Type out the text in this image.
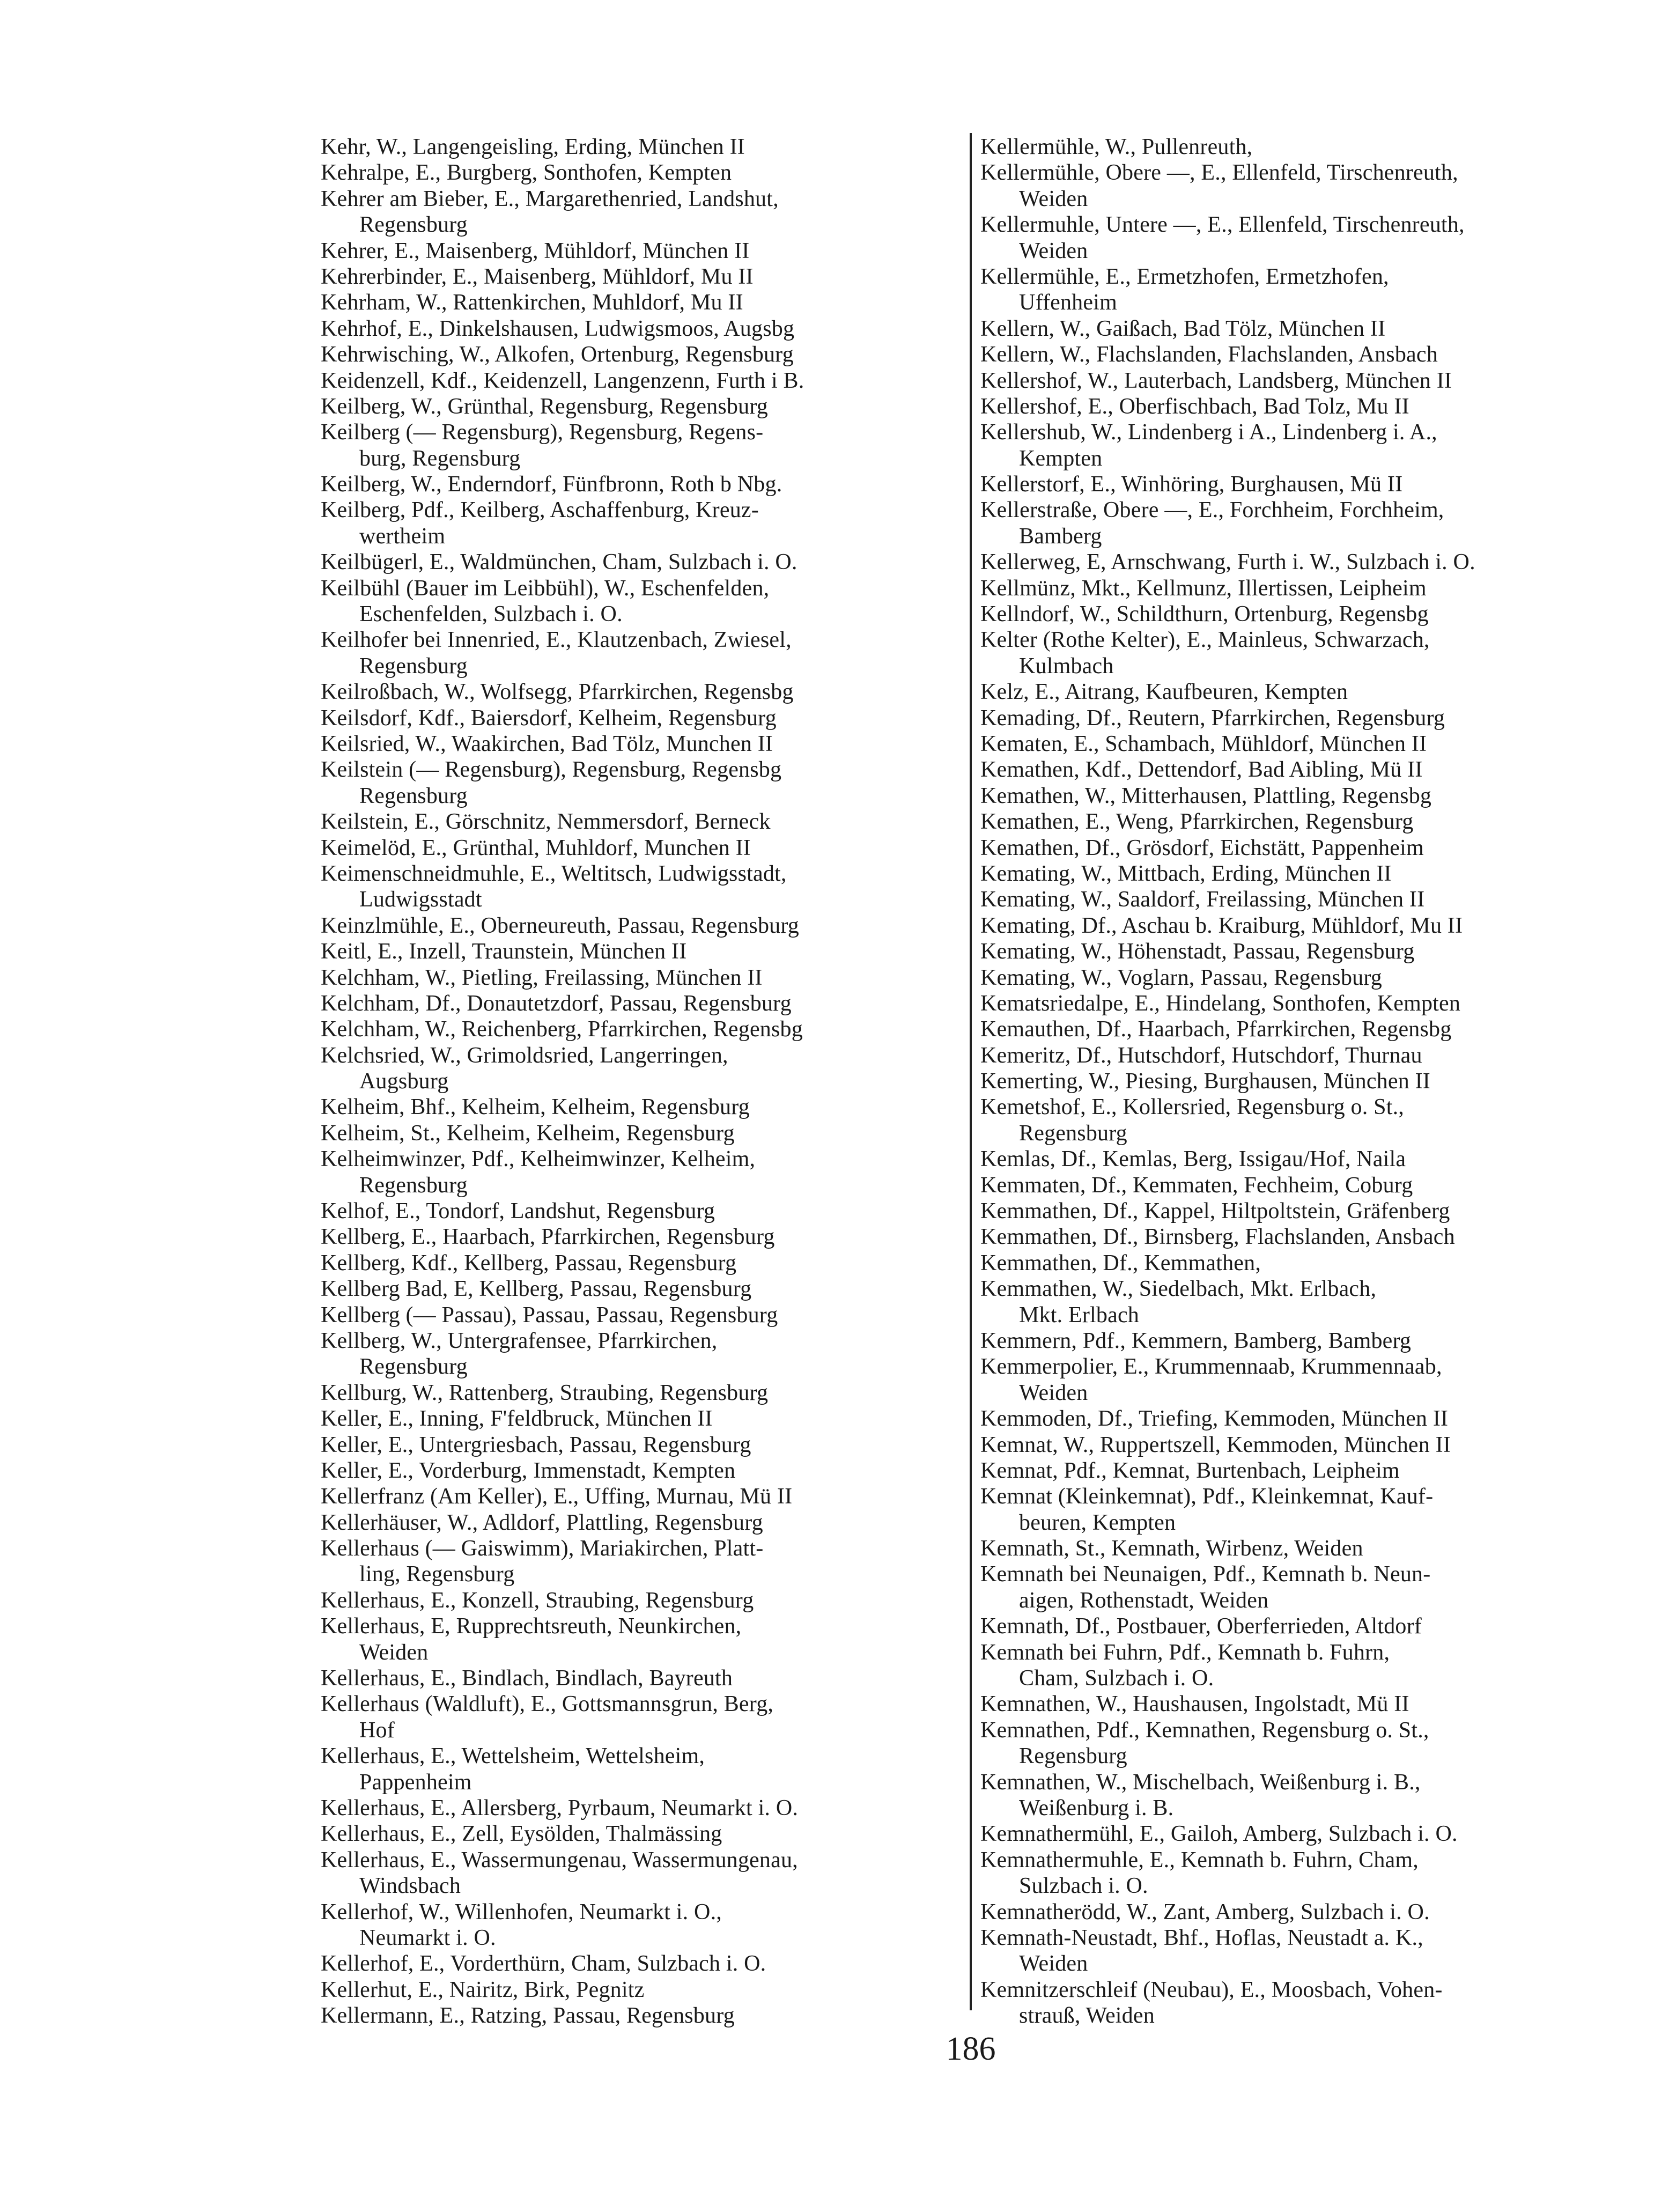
Kehr, W., Langengeisling, Erding, München II
Kehralpe, E., Burgberg, Sonthofen, Kempten
Kehrer am Bieber, E., Margarethenried, Landshut,
Regensburg
Kehrer, E., Maisenberg, Mühldorf, München II
Kehrerbinder, E., Maisenberg, Mühldorf, Mu II
Kehrham, W., Rattenkirchen, Muhldorf, Mu II
Kehrhof, E., Dinkelshausen, Ludwigsmoos, Augsbg
Kehrwisching, W., Alkofen, Ortenburg, Regensburg
Keidenzell, Kdf., Keidenzell, Langenzenn, Furth i B.
Keilberg, W., Grünthal, Regensburg, Regensburg
Keilberg (— Regensburg), Regensburg, Regens-
burg, Regensburg
Keilberg, W., Enderndorf, Fünfbronn, Roth b Nbg.
Keilberg, Pdf., Keilberg, Aschaffenburg, Kreuz-
wertheim
Keilbügerl, E., Waldmünchen, Cham, Sulzbach i. O.
Keilbühl (Bauer im Leibbühl), W., Eschenfelden,
Eschenfelden, Sulzbach i. O.
Keilhofer bei Innenried, E., Klautzenbach, Zwiesel,
Regensburg
Keilroßbach, W., Wolfsegg, Pfarrkirchen, Regensbg
Keilsdorf, Kdf., Baiersdorf, Kelheim, Regensburg
Keilsried, W., Waakirchen, Bad Tölz, Munchen II
Keilstein (— Regensburg), Regensburg, Regensbg
Regensburg
Keilstein, E., Görschnitz, Nemmersdorf, Berneck
Keimelöd, E., Grünthal, Muhldorf, Munchen II
Keimenschneidmuhle, E., Weltitsch, Ludwigsstadt,
Ludwigsstadt
Keinzlmühle, E., Oberneureuth, Passau, Regensburg
Keitl, E., Inzell, Traunstein, München II
Kelchham, W., Pietling, Freilassing, München II
Kelchham, Df., Donautetzdorf, Passau, Regensburg
Kelchham, W., Reichenberg, Pfarrkirchen, Regensbg
Kelchsried, W., Grimoldsried, Langerringen,
Augsburg
Kelheim, Bhf., Kelheim, Kelheim, Regensburg
Kelheim, St., Kelheim, Kelheim, Regensburg
Kelheimwinzer, Pdf., Kelheimwinzer, Kelheim,
Regensburg
Kelhof, E., Tondorf, Landshut, Regensburg
Kellberg, E., Haarbach, Pfarrkirchen, Regensburg
Kellberg, Kdf., Kellberg, Passau, Regensburg
Kellberg Bad, E, Kellberg, Passau, Regensburg
Kellberg (— Passau), Passau, Passau, Regensburg
Kellberg, W., Untergrafensee, Pfarrkirchen,
Regensburg
Kellburg, W., Rattenberg, Straubing, Regensburg
Keller, E., Inning, F'feldbruck, München II
Keller, E., Untergriesbach, Passau, Regensburg
Keller, E., Vorderburg, Immenstadt, Kempten
Kellerfranz (Am Keller), E., Uffing, Murnau, Mü II
Kellerhäuser, W., Adldorf, Plattling, Regensburg
Kellerhaus (— Gaiswimm), Mariakirchen, Platt-
ling, Regensburg
Kellerhaus, E., Konzell, Straubing, Regensburg
Kellerhaus, E, Rupprechtsreuth, Neunkirchen,
Weiden
Kellerhaus, E., Bindlach, Bindlach, Bayreuth
Kellerhaus (Waldluft), E., Gottsmannsgrun, Berg,
Hof
Kellerhaus, E., Wettelsheim, Wettelsheim,
Pappenheim
Kellerhaus, E., Allersberg, Pyrbaum, Neumarkt i. O.
Kellerhaus, E., Zell, Eysölden, Thalmässing
Kellerhaus, E., Wassermungenau, Wassermungenau,
Windsbach
Kellerhof, W., Willenhofen, Neumarkt i. O.,
Neumarkt i. O.
Kellerhof, E., Vorderthürn, Cham, Sulzbach i. O.
Kellerhut, E., Nairitz, Birk, Pegnitz
Kellermann, E., Ratzing, Passau, Regensburg
Kellermühle, W., Pullenreuth,
Kellermühle, Obere —, E., Ellenfeld, Tirschenreuth,
Weiden
Kellermuhle, Untere —, E., Ellenfeld, Tirschenreuth,
Weiden
Kellermühle, E., Ermetzhofen, Ermetzhofen,
Uffenheim
Kellern, W., Gaißach, Bad Tölz, München II
Kellern, W., Flachslanden, Flachslanden, Ansbach
Kellershof, W., Lauterbach, Landsberg, München II
Kellershof, E., Oberfischbach, Bad Tolz, Mu II
Kellershub, W., Lindenberg i A., Lindenberg i. A.,
Kempten
Kellerstorf, E., Winhöring, Burghausen, Mü II
Kellerstraße, Obere —, E., Forchheim, Forchheim,
Bamberg
Kellerweg, E, Arnschwang, Furth i. W., Sulzbach i. O.
Kellmünz, Mkt., Kellmunz, Illertissen, Leipheim
Kellndorf, W., Schildthurn, Ortenburg, Regensbg
Kelter (Rothe Kelter), E., Mainleus, Schwarzach,
Kulmbach
Kelz, E., Aitrang, Kaufbeuren, Kempten
Kemading, Df., Reutern, Pfarrkirchen, Regensburg
Kematen, E., Schambach, Mühldorf, München II
Kemathen, Kdf., Dettendorf, Bad Aibling, Mü II
Kemathen, W., Mitterhausen, Plattling, Regensbg
Kemathen, E., Weng, Pfarrkirchen, Regensburg
Kemathen, Df., Grösdorf, Eichstätt, Pappenheim
Kemating, W., Mittbach, Erding, München II
Kemating, W., Saaldorf, Freilassing, München II
Kemating, Df., Aschau b. Kraiburg, Mühldorf, Mu II
Kemating, W., Höhenstadt, Passau, Regensburg
Kemating, W., Voglarn, Passau, Regensburg
Kematsriedalpe, E., Hindelang, Sonthofen, Kempten
Kemauthen, Df., Haarbach, Pfarrkirchen, Regensbg
Kemeritz, Df., Hutschdorf, Hutschdorf, Thurnau
Kemerting, W., Piesing, Burghausen, München II
Kemetshof, E., Kollersried, Regensburg o. St.,
Regensburg
Kemlas, Df., Kemlas, Berg, Issigau/Hof, Naila
Kemmaten, Df., Kemmaten, Fechheim, Coburg
Kemmathen, Df., Kappel, Hiltpoltstein, Gräfenberg
Kemmathen, Df., Birnsberg, Flachslanden, Ansbach
Kemmathen, Df., Kemmathen,
Kemmathen, W., Siedelbach, Mkt. Erlbach,
Mkt. Erlbach
Kemmern, Pdf., Kemmern, Bamberg, Bamberg
Kemmerpolier, E., Krummennaab, Krummennaab,
Weiden
Kemmoden, Df., Triefing, Kemmoden, München II
Kemnat, W., Ruppertszell, Kemmoden, München II
Kemnat, Pdf., Kemnat, Burtenbach, Leipheim
Kemnat (Kleinkemnat), Pdf., Kleinkemnat, Kauf-
beuren, Kempten
Kemnath, St., Kemnath, Wirbenz, Weiden
Kemnath bei Neunaigen, Pdf., Kemnath b. Neun-
aigen, Rothenstadt, Weiden
Kemnath, Df., Postbauer, Oberferrieden, Altdorf
Kemnath bei Fuhrn, Pdf., Kemnath b. Fuhrn,
Cham, Sulzbach i. O.
Kemnathen, W., Haushausen, Ingolstadt, Mü II
Kemnathen, Pdf., Kemnathen, Regensburg o. St.,
Regensburg
Kemnathen, W., Mischelbach, Weißenburg i. B.,
Weißenburg i. B.
Kemnathermühl, E., Gailoh, Amberg, Sulzbach i. O.
Kemnathermuhle, E., Kemnath b. Fuhrn, Cham,
Sulzbach i. O.
Kemnatherödd, W., Zant, Amberg, Sulzbach i. O.
Kemnath-Neustadt, Bhf., Hoflas, Neustadt a. K.,
Weiden
Kemnitzerschleif (Neubau), E., Moosbach, Vohen-
strauß, Weiden
186
